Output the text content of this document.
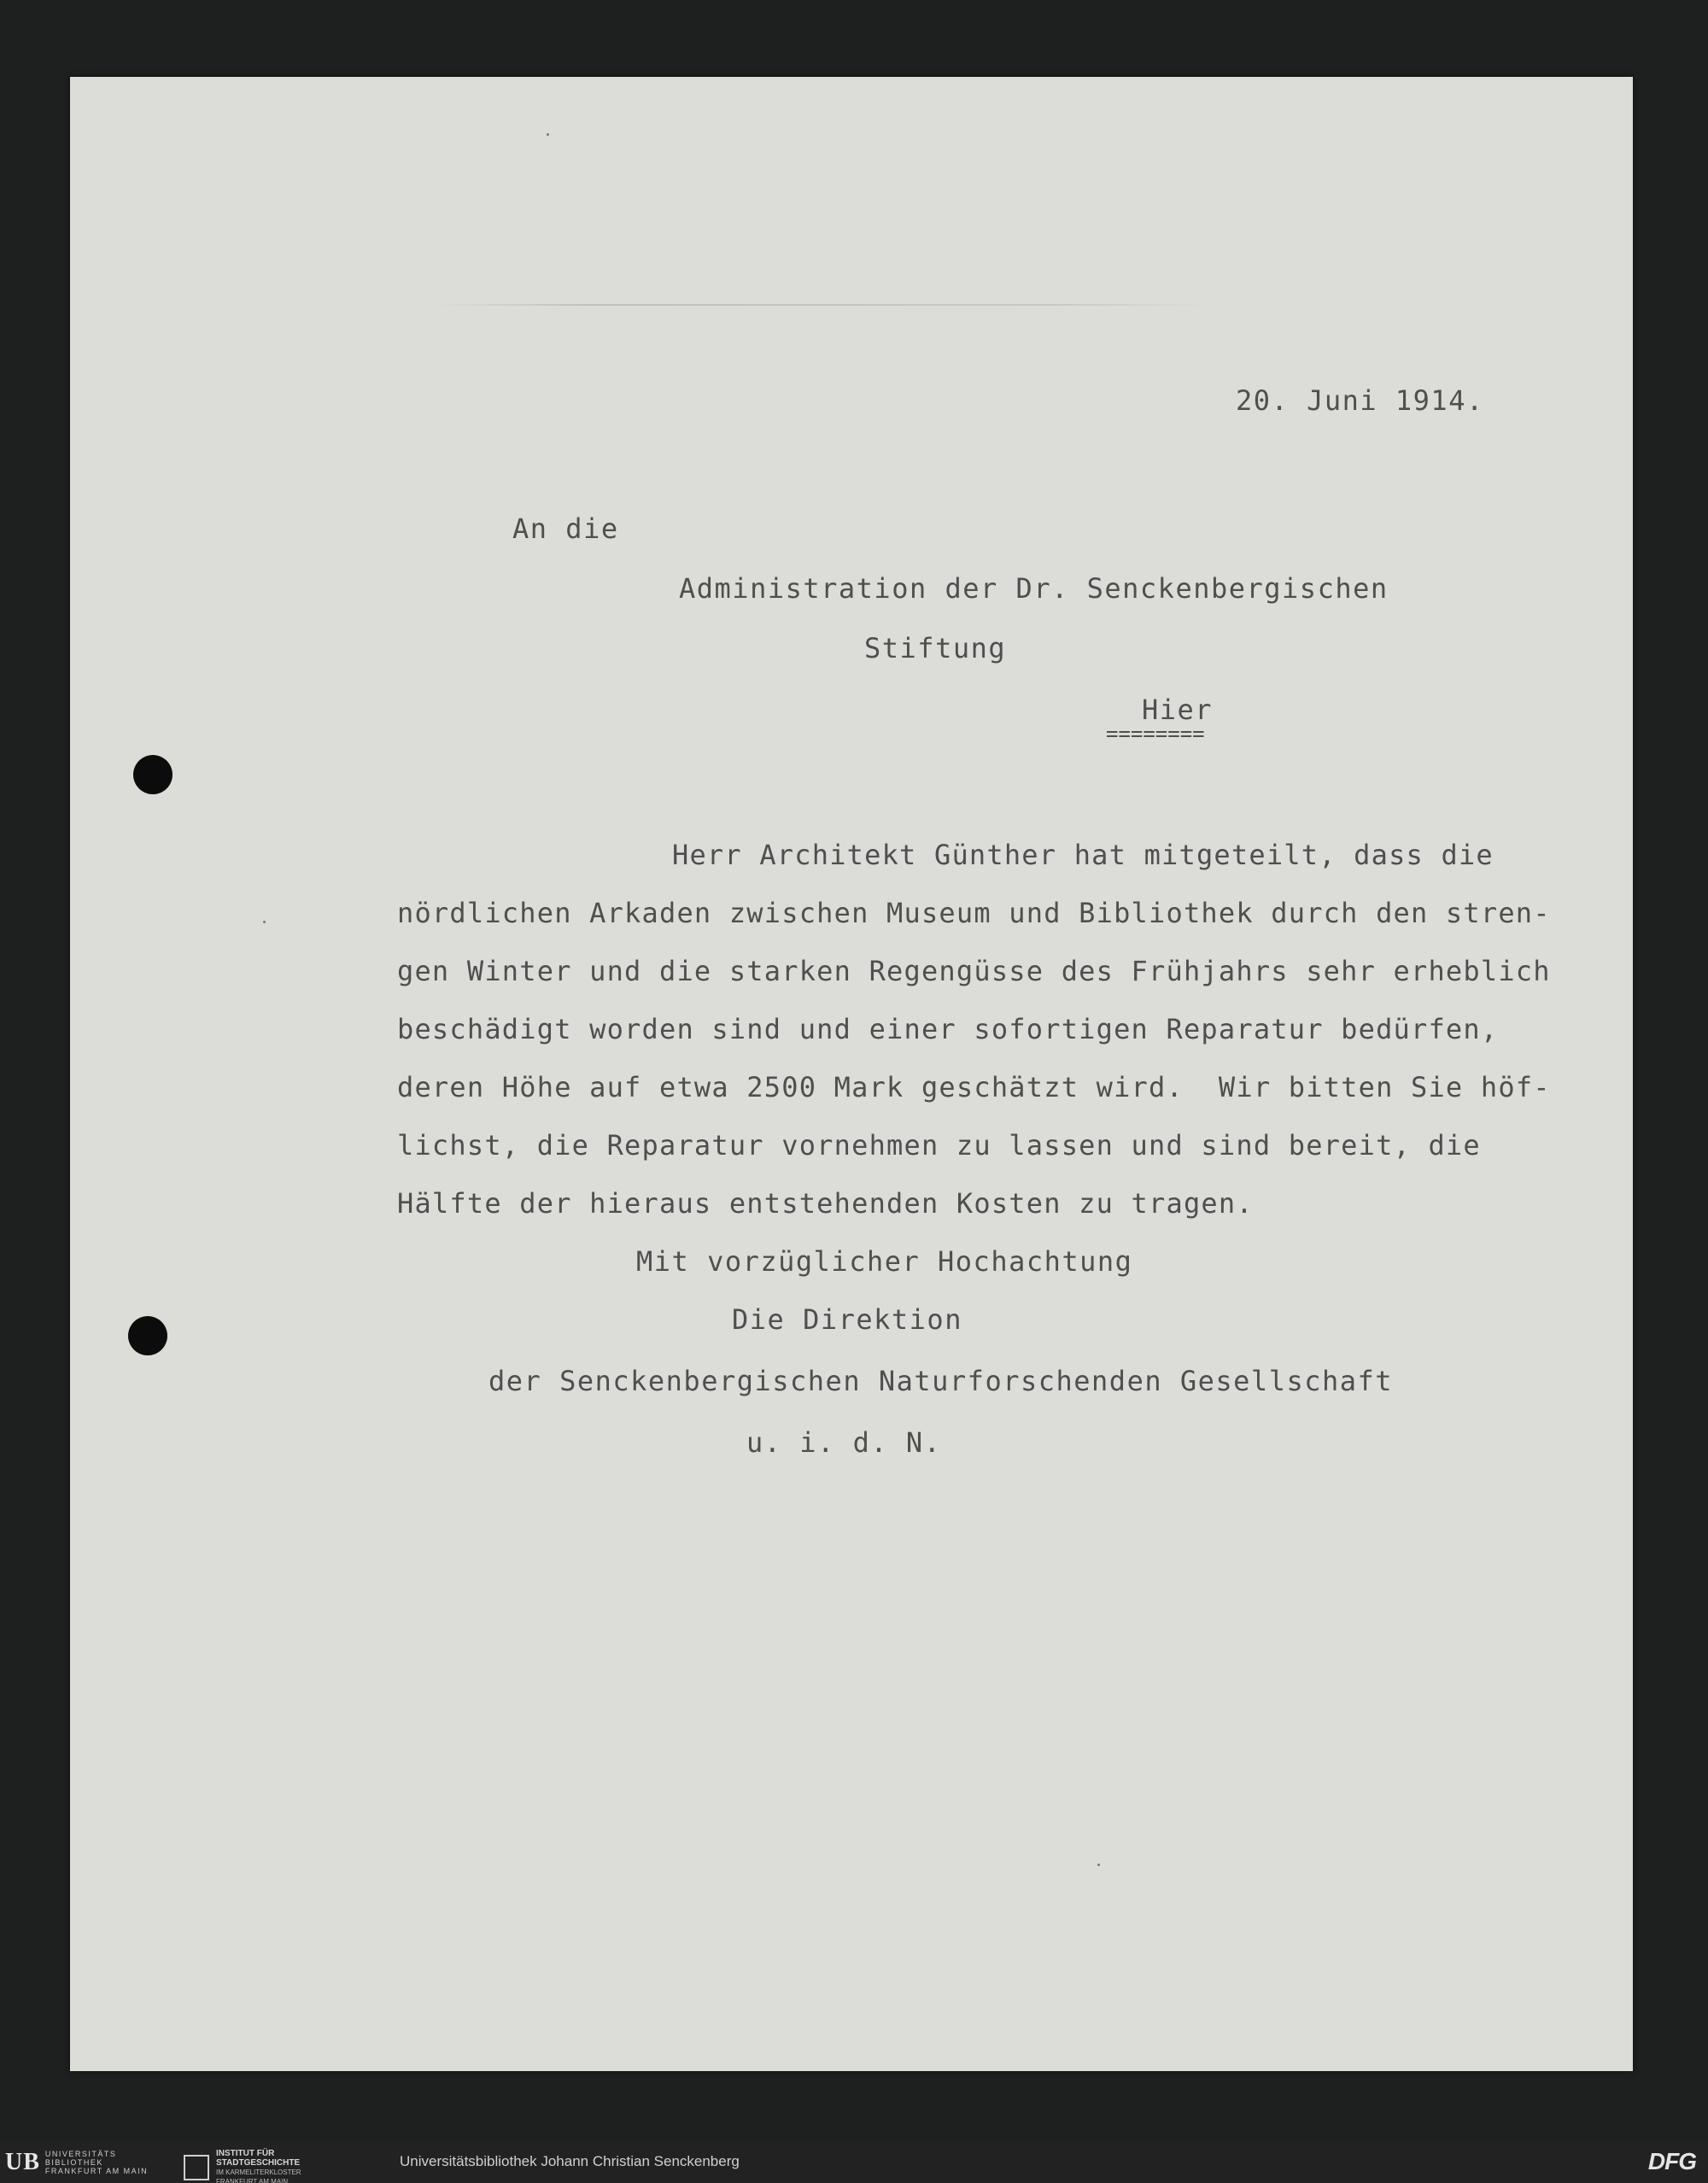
20. Juni 1914.
An die
Administration der Dr. Senckenbergischen
Stiftung
Hier
========
Herr Architekt Günther hat mitgeteilt, dass die
nördlichen Arkaden zwischen Museum und Bibliothek durch den stren-
gen Winter und die starken Regengüsse des Frühjahrs sehr erheblich
beschädigt worden sind und einer sofortigen Reparatur bedürfen,
deren Höhe auf etwa 2500 Mark geschätzt wird.  Wir bitten Sie höf-
lichst, die Reparatur vornehmen zu lassen und sind bereit, die
Hälfte der hieraus entstehenden Kosten zu tragen.
Mit vorzüglicher Hochachtung
Die Direktion
der Senckenbergischen Naturforschenden Gesellschaft
u. i. d. N.
UB UNIVERSITÄTS
BIBLIOTHEK
FRANKFURT AM MAIN
INSTITUT FÜR
STADTGESCHICHTE
IM KARMELITERKLOSTER
FRANKFURT AM MAIN
Universitätsbibliothek Johann Christian Senckenberg	DFG
